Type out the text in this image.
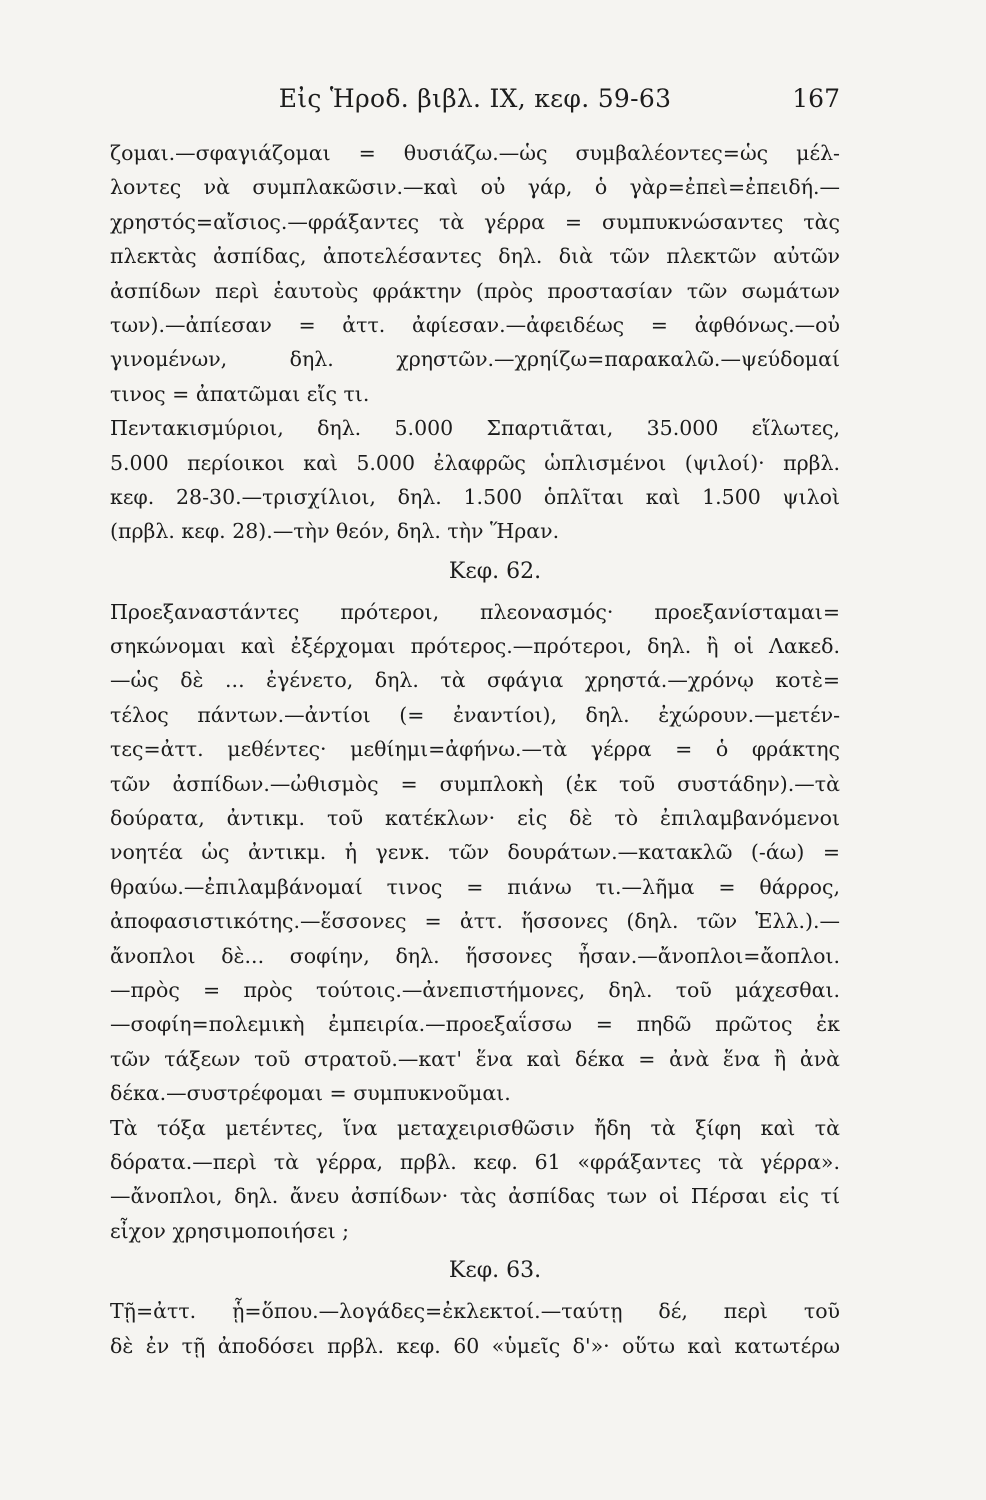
Εἰς Ἡροδ. βιβλ. IX, κεφ. 59-63	167
ζομαι.—σφαγιάζομαι = θυσιάζω.—ὡς συμβαλέοντες=ὡς μέλ-
λοντες νὰ συμπλακῶσιν.—καὶ οὐ γάρ, ὁ γὰρ=ἐπεὶ=ἐπειδή.—
χρηστός=αἴσιος.—φράξαντες τὰ γέρρα = συμπυκνώσαντες τὰς
πλεκτὰς ἀσπίδας, ἀποτελέσαντες δηλ. διὰ τῶν πλεκτῶν αὐτῶν
ἀσπίδων περὶ ἑαυτοὺς φράκτην (πρὸς προστασίαν τῶν σωμάτων
των).—ἀπίεσαν = ἀττ. ἀφίεσαν.—ἀφειδέως = ἀφθόνως.—οὐ
γινομένων, δηλ. χρηστῶν.—χρηίζω=παρακαλῶ.—ψεύδομαί
τινος = ἀπατῶμαι εἴς τι.
Πεντακισμύριοι, δηλ. 5.000 Σπαρτιᾶται, 35.000 εἵλωτες,
5.000 περίοικοι καὶ 5.000 ἐλαφρῶς ὡπλισμένοι (ψιλοί)· πρβλ.
κεφ. 28-30.—τρισχίλιοι, δηλ. 1.500 ὁπλῖται καὶ 1.500 ψιλοὶ
(πρβλ. κεφ. 28).—τὴν θεόν, δηλ. τὴν Ἥραν.
Κεφ. 62.
Προεξαναστάντες πρότεροι, πλεονασμός· προεξανίσταμαι=
σηκώνομαι καὶ ἐξέρχομαι πρότερος.—πρότεροι, δηλ. ἢ οἱ Λακεδ.
—ὡς δὲ ... ἐγένετο, δηλ. τὰ σφάγια χρηστά.—χρόνῳ κοτὲ=
τέλος πάντων.—ἀντίοι (= ἐναντίοι), δηλ. ἐχώρουν.—μετέν-
τες=ἀττ. μεθέντες· μεθίημι=ἀφήνω.—τὰ γέρρα = ὁ φράκτης
τῶν ἀσπίδων.—ὠθισμὸς = συμπλοκὴ (ἐκ τοῦ συστάδην).—τὰ
δούρατα, ἀντικμ. τοῦ κατέκλων· εἰς δὲ τὸ ἐπιλαμβανόμενοι
νοητέα ὡς ἀντικμ. ἡ γενκ. τῶν δουράτων.—κατακλῶ (-άω) =
θραύω.—ἐπιλαμβάνομαί τινος = πιάνω τι.—λῆμα = θάρρος,
ἀποφασιστικότης.—ἕσσονες = ἀττ. ἥσσονες (δηλ. τῶν Ἑλλ.).—
ἄνοπλοι δὲ... σοφίην, δηλ. ἥσσονες ἦσαν.—ἄνοπλοι=ἄοπλοι.
—πρὸς = πρὸς τούτοις.—ἀνεπιστήμονες, δηλ. τοῦ μάχεσθαι.
—σοφίη=πολεμικὴ ἐμπειρία.—προεξαΐσσω = πηδῶ πρῶτος ἐκ
τῶν τάξεων τοῦ στρατοῦ.—κατ' ἕνα καὶ δέκα = ἀνὰ ἕνα ἢ ἀνὰ
δέκα.—συστρέφομαι = συμπυκνοῦμαι.
Τὰ τόξα μετέντες, ἵνα μεταχειρισθῶσιν ἤδη τὰ ξίφη καὶ τὰ
δόρατα.—περὶ τὰ γέρρα, πρβλ. κεφ. 61 «φράξαντες τὰ γέρρα».
—ἄνοπλοι, δηλ. ἄνευ ἀσπίδων· τὰς ἀσπίδας των οἱ Πέρσαι εἰς τί
εἶχον χρησιμοποιήσει ;
Κεφ. 63.
Τῇ=ἀττ. ᾗ=ὅπου.—λογάδες=ἐκλεκτοί.—ταύτῃ δέ, περὶ τοῦ
δὲ ἐν τῇ ἀποδόσει πρβλ. κεφ. 60 «ὑμεῖς δ'»· οὕτω καὶ κατωτέρω
